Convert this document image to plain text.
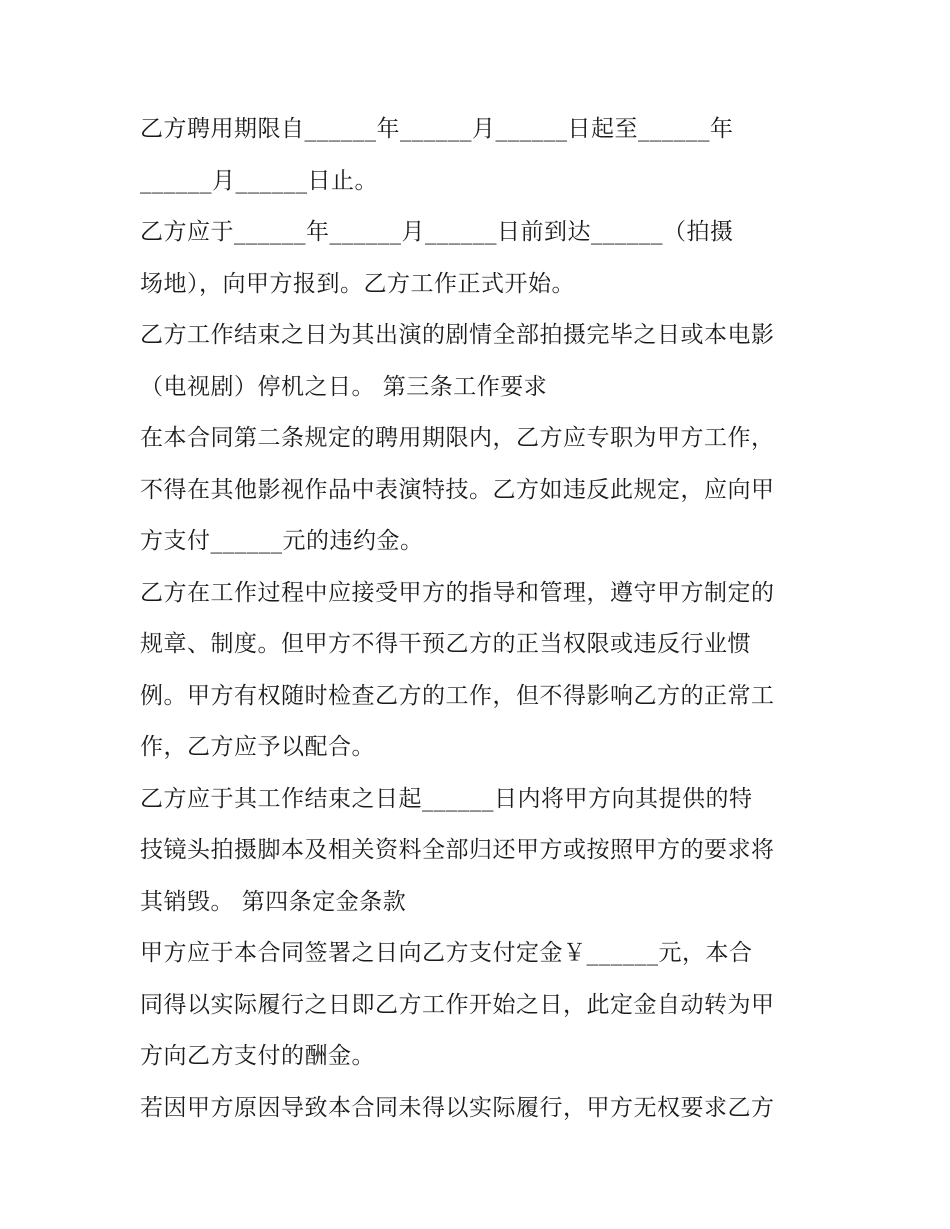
乙方聘用期限自______年______月______日起至______年
______月______日止。
乙方应于______年______月______日前到达______（拍摄
场地），向甲方报到。乙方工作正式开始。
乙方工作结束之日为其出演的剧情全部拍摄完毕之日或本电影
（电视剧）停机之日。 第三条工作要求
在本合同第二条规定的聘用期限内，乙方应专职为甲方工作，
不得在其他影视作品中表演特技。乙方如违反此规定，应向甲
方支付______元的违约金。
乙方在工作过程中应接受甲方的指导和管理，遵守甲方制定的
规章、制度。但甲方不得干预乙方的正当权限或违反行业惯
例。甲方有权随时检查乙方的工作，但不得影响乙方的正常工
作，乙方应予以配合。
乙方应于其工作结束之日起______日内将甲方向其提供的特
技镜头拍摄脚本及相关资料全部归还甲方或按照甲方的要求将
其销毁。 第四条定金条款
甲方应于本合同签署之日向乙方支付定金￥______元，本合
同得以实际履行之日即乙方工作开始之日，此定金自动转为甲
方向乙方支付的酬金。
若因甲方原因导致本合同未得以实际履行，甲方无权要求乙方
